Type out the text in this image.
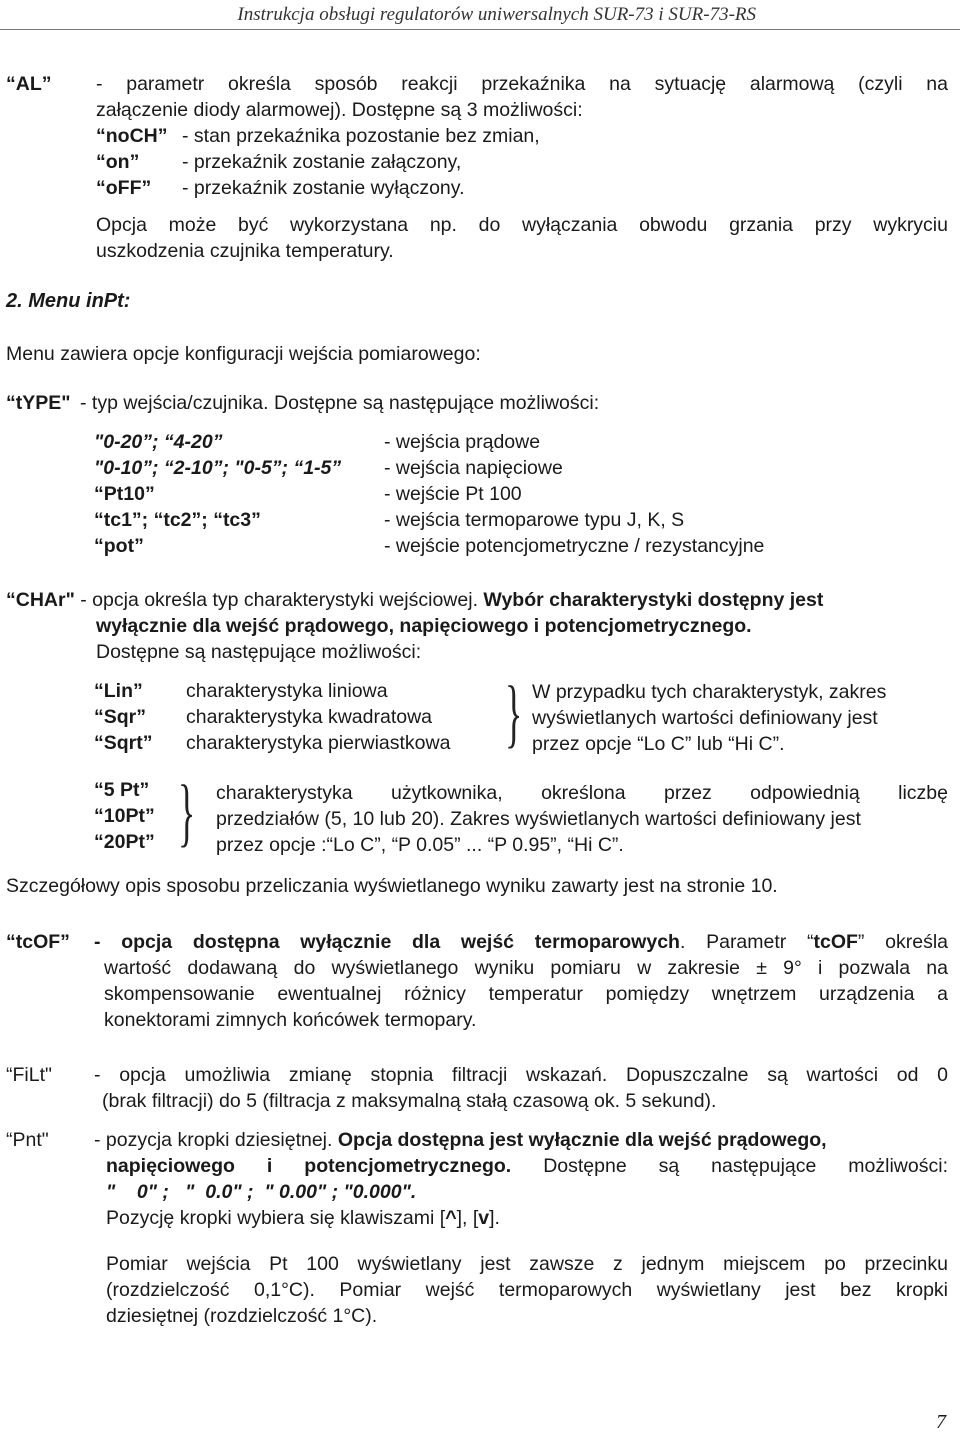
Instrukcja obsługi regulatorów uniwersalnych SUR-73 i SUR-73-RS
“AL” - parametr określa sposób reakcji przekaźnika na sytuację alarmową (czyli na
załączenie diody alarmowej). Dostępne są 3 możliwości:
“noCH” - stan przekaźnika pozostanie bez zmian,
“on” - przekaźnik zostanie załączony,
“oFF” - przekaźnik zostanie wyłączony.
Opcja może być wykorzystana np. do wyłączania obwodu grzania przy wykryciu
uszkodzenia czujnika temperatury.
2. Menu inPt:
Menu zawiera opcje konfiguracji wejścia pomiarowego:
“tYPE" - typ wejścia/czujnika. Dostępne są następujące możliwości:
"0-20”; “4-20”	- wejścia prądowe
"0-10”; “2-10”; "0-5”; “1-5” - wejścia napięciowe
“Pt10”	- wejście Pt 100
“tc1”; “tc2”; “tc3”	- wejścia termoparowe typu J, K, S
“pot”	- wejście potencjometryczne / rezystancyjne
“CHAr" - opcja określa typ charakterystyki wejściowej. Wybór charakterystyki dostępny jest
wyłącznie dla wejść prądowego, napięciowego i potencjometrycznego.
Dostępne są następujące możliwości:
“Lin” charakterystyka liniowa
“Sqr” charakterystyka kwadratowa
“Sqrt” charakterystyka pierwiastkowa } W przypadku tych charakterystyk, zakres
wyświetlanych wartości definiowany jest
przez opcje “Lo C” lub “Hi C”.
“5 Pt”
“10Pt”
“20Pt” } charakterystyka użytkownika, określona przez odpowiednią liczbę
przedziałów (5, 10 lub 20). Zakres wyświetlanych wartości definiowany jest
przez opcje :“Lo C”, “P 0.05” ... “P 0.95”, “Hi C”.
Szczegółowy opis sposobu przeliczania wyświetlanego wyniku zawarty jest na stronie 10.
“tcOF” - opcja dostępna wyłącznie dla wejść termoparowych. Parametr “tcOF” określa
wartość dodawaną do wyświetlanego wyniku pomiaru w zakresie ± 9° i pozwala na
skompensowanie ewentualnej różnicy temperatur pomiędzy wnętrzem urządzenia a
konektorami zimnych końcówek termopary.
“FiLt" - opcja umożliwia zmianę stopnia filtracji wskazań. Dopuszczalne są wartości od 0
(brak filtracji) do 5 (filtracja z maksymalną stałą czasową ok. 5 sekund).
“Pnt" - pozycja kropki dziesiętnej. Opcja dostępna jest wyłącznie dla wejść prądowego,
napięciowego i potencjometrycznego. Dostępne są następujące możliwości:
"    0" ;   "  0.0" ;  " 0.00" ; "0.000".
Pozycję kropki wybiera się klawiszami [^], [v].
Pomiar wejścia Pt 100 wyświetlany jest zawsze z jednym miejscem po przecinku
(rozdzielczość 0,1°C). Pomiar wejść termoparowych wyświetlany jest bez kropki
dziesiętnej (rozdzielczość 1°C).
7
